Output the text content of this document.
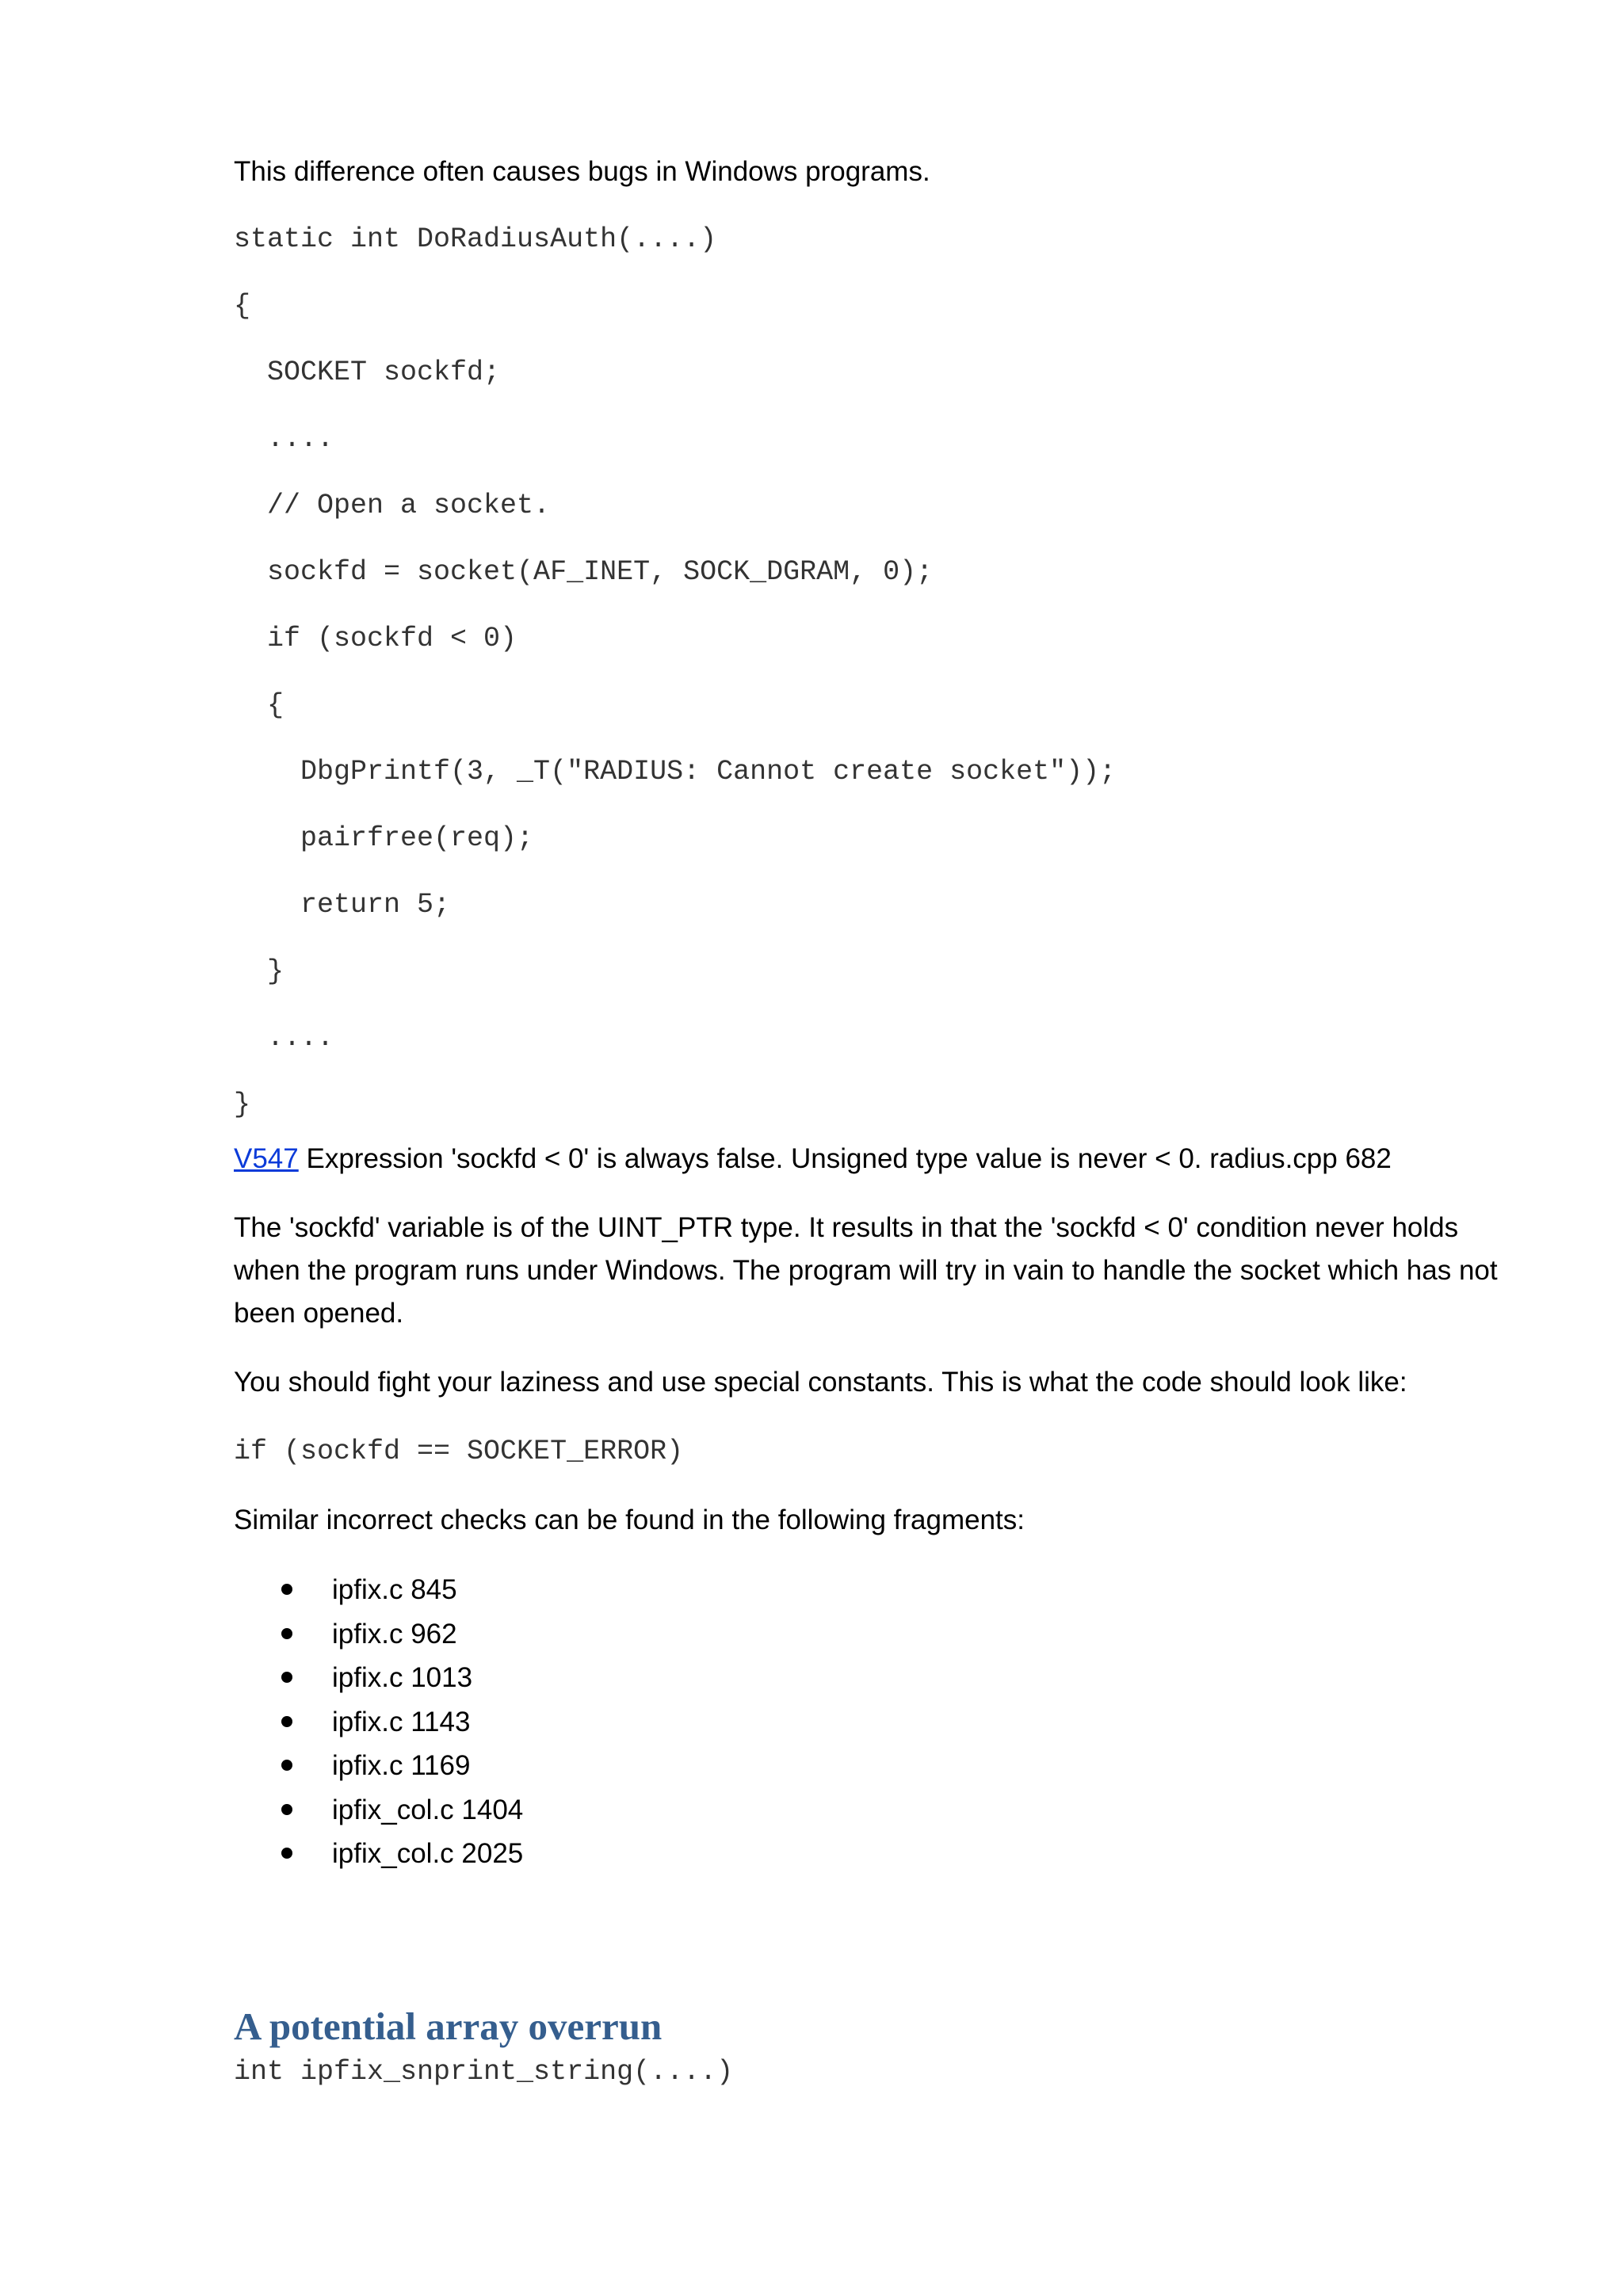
This difference often causes bugs in Windows programs.

static int DoRadiusAuth(....)
{
SOCKET sockfd;
....
// Open a socket.
sockfd = socket(AF_INET, SOCK_DGRAM, 0);
if (sockfd < 0)
{
DbgPrintf(3, _T("RADIUS: Cannot create socket"));
pairfree(req);
return 5;
}
....
}

V547 Expression 'sockfd < 0' is always false. Unsigned type value is never < 0. radius.cpp 682

The 'sockfd' variable is of the UINT_PTR type. It results in that the 'sockfd < 0' condition never holds when the program runs under Windows. The program will try in vain to handle the socket which has not been opened.

You should fight your laziness and use special constants. This is what the code should look like:

if (sockfd == SOCKET_ERROR)

Similar incorrect checks can be found in the following fragments:

ipfix.c 845
ipfix.c 962
ipfix.c 1013
ipfix.c 1143
ipfix.c 1169
ipfix_col.c 1404
ipfix_col.c 2025
A potential array overrun
int ipfix_snprint_string(....)
